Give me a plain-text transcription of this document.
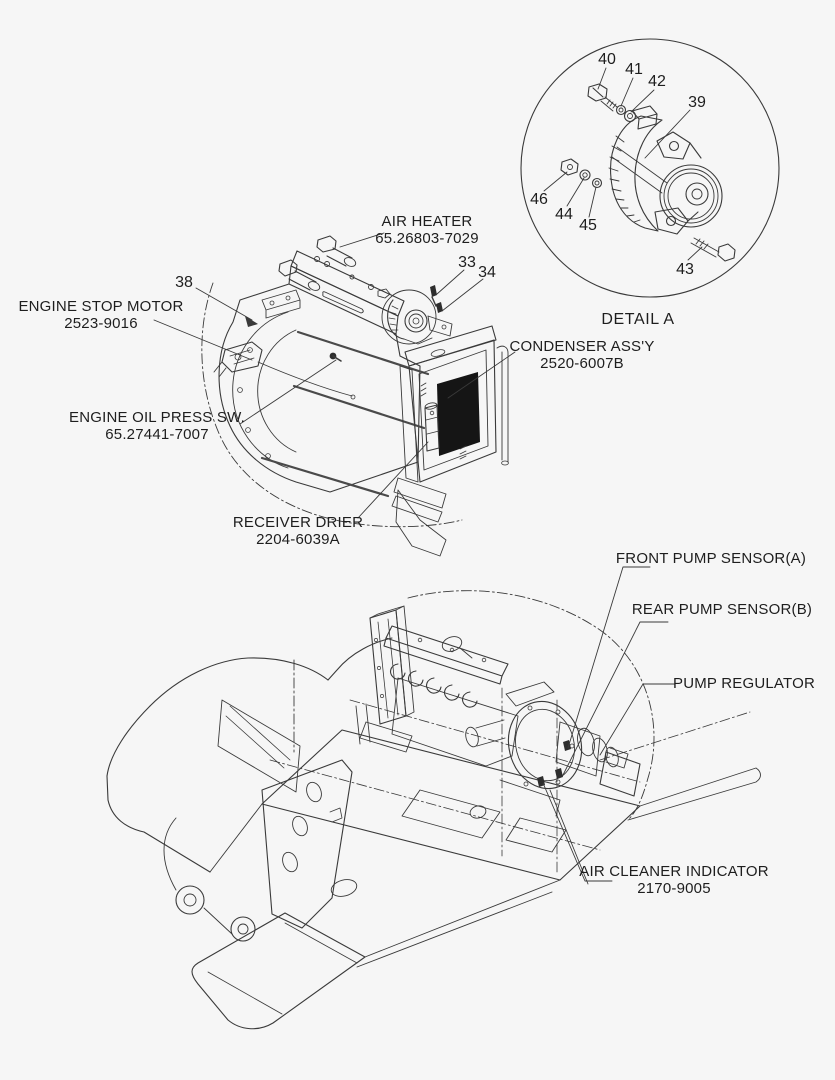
40
41
42
39
46
44
45
43
DETAIL A
38
33
34
AIR HEATER
65.26803-7029
ENGINE STOP MOTOR
2523-9016
ENGINE OIL PRESS SW.
65.27441-7007
CONDENSER ASS'Y
2520-6007B
RECEIVER DRIER
2204-6039A
FRONT PUMP SENSOR(A)
REAR PUMP SENSOR(B)
PUMP REGULATOR
AIR CLEANER INDICATOR
2170-9005
